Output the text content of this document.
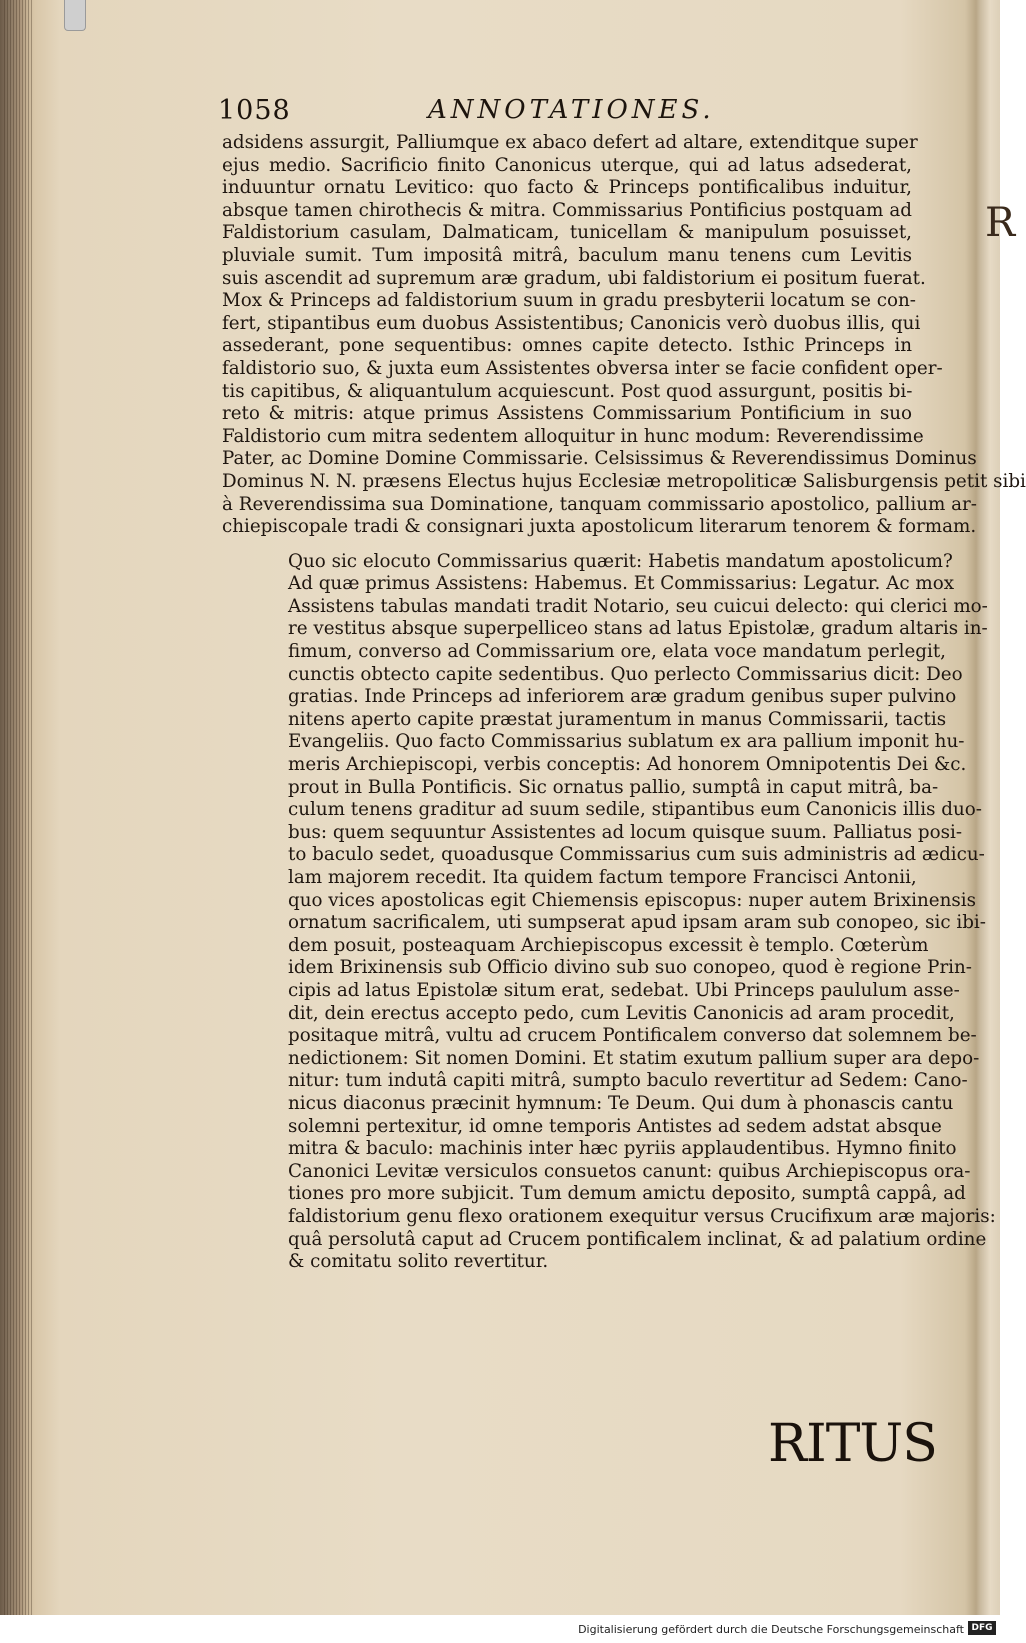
R
1058	ANNOTATIONES.

adsidens assurgit, Palliumque ex abaco defert ad altare, extenditque super
ejus medio. Sacrificio finito Canonicus uterque, qui ad latus adsederat,
induuntur ornatu Levitico: quo facto & Princeps pontificalibus induitur,
absque tamen chirothecis & mitra. Commissarius Pontificius postquam ad
Faldistorium casulam, Dalmaticam, tunicellam & manipulum posuisset,
pluviale sumit. Tum impositâ mitrâ, baculum manu tenens cum Levitis
suis ascendit ad supremum aræ gradum, ubi faldistorium ei positum fuerat.
Mox & Princeps ad faldistorium suum in gradu presbyterii locatum se con-
fert, stipantibus eum duobus Assistentibus; Canonicis verò duobus illis, qui
assederant, pone sequentibus: omnes capite detecto. Isthic Princeps in
faldistorio suo, & juxta eum Assistentes obversa inter se facie confident oper-
tis capitibus, & aliquantulum acquiescunt. Post quod assurgunt, positis bi-
reto & mitris: atque primus Assistens Commissarium Pontificium in suo
Faldistorio cum mitra sedentem alloquitur in hunc modum: Reverendissime
Pater, ac Domine Domine Commissarie. Celsissimus & Reverendissimus Dominus
Dominus N. N. præsens Electus hujus Ecclesiæ metropoliticæ Salisburgensis petit sibi
à Reverendissima sua Dominatione, tanquam commissario apostolico, pallium ar-
chiepiscopale tradi & consignari juxta apostolicum literarum tenorem & formam.

Quo sic elocuto Commissarius quærit: Habetis mandatum apostolicum?
Ad quæ primus Assistens: Habemus. Et Commissarius: Legatur. Ac mox
Assistens tabulas mandati tradit Notario, seu cuicui delecto: qui clerici mo-
re vestitus absque superpelliceo stans ad latus Epistolæ, gradum altaris in-
fimum, converso ad Commissarium ore, elata voce mandatum perlegit,
cunctis obtecto capite sedentibus. Quo perlecto Commissarius dicit: Deo
gratias. Inde Princeps ad inferiorem aræ gradum genibus super pulvino
nitens aperto capite præstat juramentum in manus Commissarii, tactis
Evangeliis. Quo facto Commissarius sublatum ex ara pallium imponit hu-
meris Archiepiscopi, verbis conceptis: Ad honorem Omnipotentis Dei &c.
prout in Bulla Pontificis. Sic ornatus pallio, sumptâ in caput mitrâ, ba-
culum tenens graditur ad suum sedile, stipantibus eum Canonicis illis duo-
bus: quem sequuntur Assistentes ad locum quisque suum. Palliatus posi-
to baculo sedet, quoadusque Commissarius cum suis administris ad ædicu-
lam majorem recedit. Ita quidem factum tempore Francisci Antonii,
quo vices apostolicas egit Chiemensis episcopus: nuper autem Brixinensis
ornatum sacrificalem, uti sumpserat apud ipsam aram sub conopeo, sic ibi-
dem posuit, posteaquam Archiepiscopus excessit è templo. Cœterùm
idem Brixinensis sub Officio divino sub suo conopeo, quod è regione Prin-
cipis ad latus Epistolæ situm erat, sedebat. Ubi Princeps paululum asse-
dit, dein erectus accepto pedo, cum Levitis Canonicis ad aram procedit,
positaque mitrâ, vultu ad crucem Pontificalem converso dat solemnem be-
nedictionem: Sit nomen Domini. Et statim exutum pallium super ara depo-
nitur: tum indutâ capiti mitrâ, sumpto baculo revertitur ad Sedem: Cano-
nicus diaconus præcinit hymnum: Te Deum. Qui dum à phonascis cantu
solemni pertexitur, id omne temporis Antistes ad sedem adstat absque
mitra & baculo: machinis inter hæc pyriis applaudentibus. Hymno finito
Canonici Levitæ versiculos consuetos canunt: quibus Archiepiscopus ora-
tiones pro more subjicit. Tum demum amictu deposito, sumptâ cappâ, ad
faldistorium genu flexo orationem exequitur versus Crucifixum aræ majoris:
quâ persolutâ caput ad Crucem pontificalem inclinat, & ad palatium ordine
& comitatu solito revertitur.

RITUS
Digitalisierung gefördert durch die Deutsche Forschungsgemeinschaft DFG
